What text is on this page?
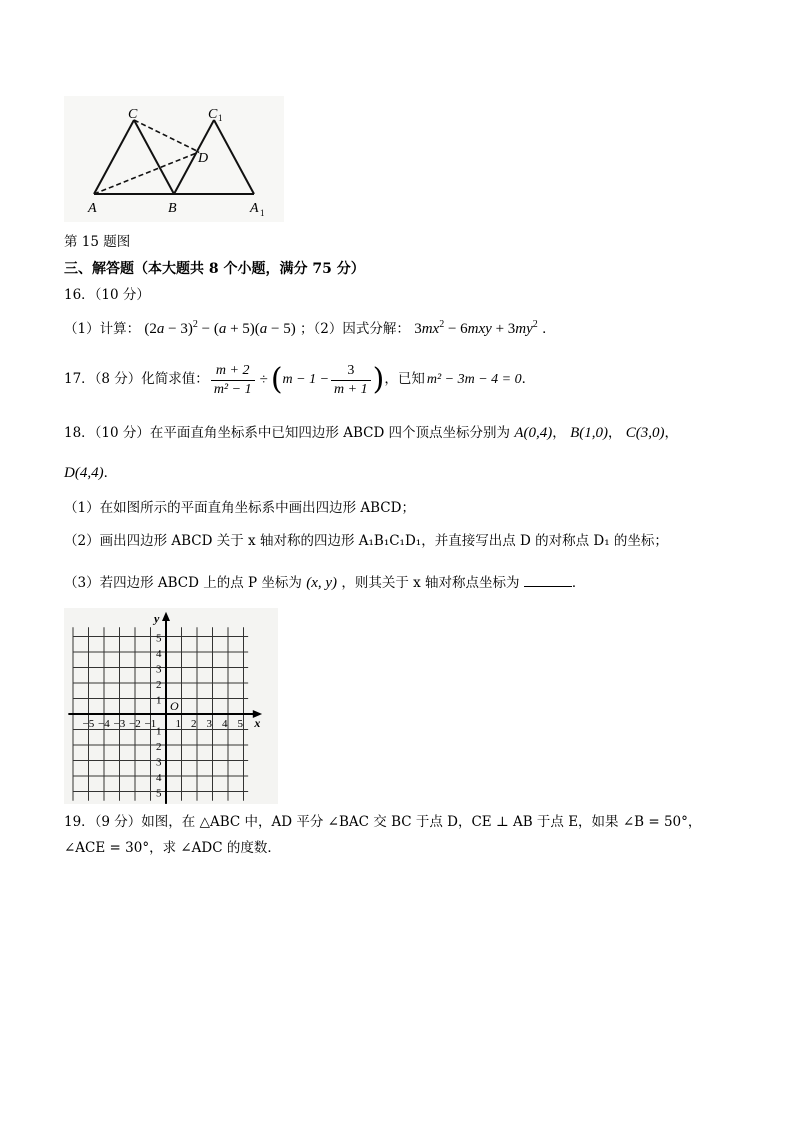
C	C 1
D
A	B	A 1
第 15 题图
三、解答题（本大题共 8 个小题，满分 75 分）
16．（10 分）
（1）计算： $(2a - 3)^2 - (a + 5)(a - 5)$ ；（2）因式分解： $3mx^2 - 6mxy + 3my^2$ ．
17．（8 分）化简求值： $\frac{m + 2}{\text{m² − 1}}$ ÷ ( $m - 1 - \frac{3}{m + 1}$ ) ，已知 m² − 3m − 4 = 0 ．
18．（10 分）在平面直角坐标系中已知四边形 ABCD 四个顶点坐标分别为 A(0,4)， B(1,0)， C(3,0)，
D(4,4)．
（1）在如图所示的平面直角坐标系中画出四边形 ABCD；
（2）画出四边形 ABCD 关于 x 轴对称的四边形 A₁B₁C₁D₁，并直接写出点 D 的对称点 D₁ 的坐标；
（3）若四边形 ABCD 上的点 P 坐标为 (x, y) ，则其关于 x 轴对称点坐标为	．
y
x
O
−5 −4 −3 −2 −1 1 2 3 4 5
5
4
3
2
1
1
2
3
4
5
19．（9 分）如图，在 △ABC 中，AD 平分 ∠BAC 交 BC 于点 D，CE ⊥ AB 于点 E，如果 ∠B = 50°，
∠ACE = 30°，求 ∠ADC 的度数．
